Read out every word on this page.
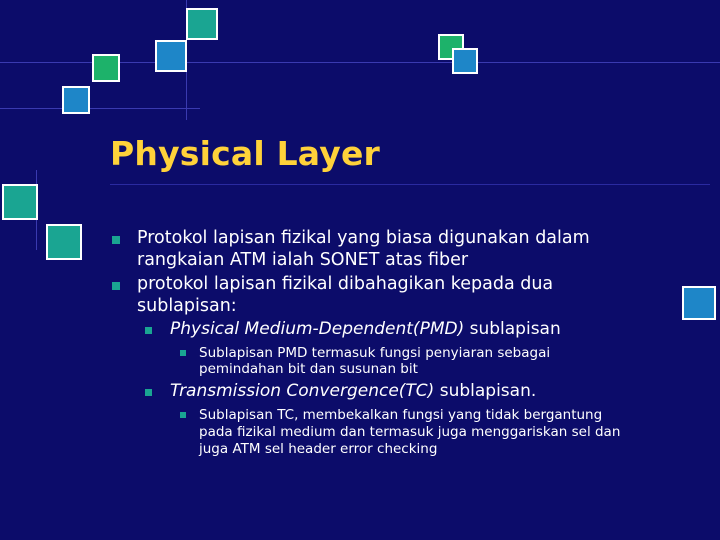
Physical Layer
Protokol lapisan fizikal yang biasa digunakan dalam
rangkaian ATM ialah SONET atas fiber
protokol lapisan fizikal dibahagikan kepada dua
sublapisan:
Physical Medium-Dependent(PMD) sublapisan
Sublapisan PMD termasuk fungsi penyiaran sebagai
pemindahan bit dan susunan bit
Transmission Convergence(TC) sublapisan.
Sublapisan TC, membekalkan fungsi yang tidak bergantung
pada fizikal medium dan termasuk juga menggariskan sel dan
juga ATM sel header error checking
